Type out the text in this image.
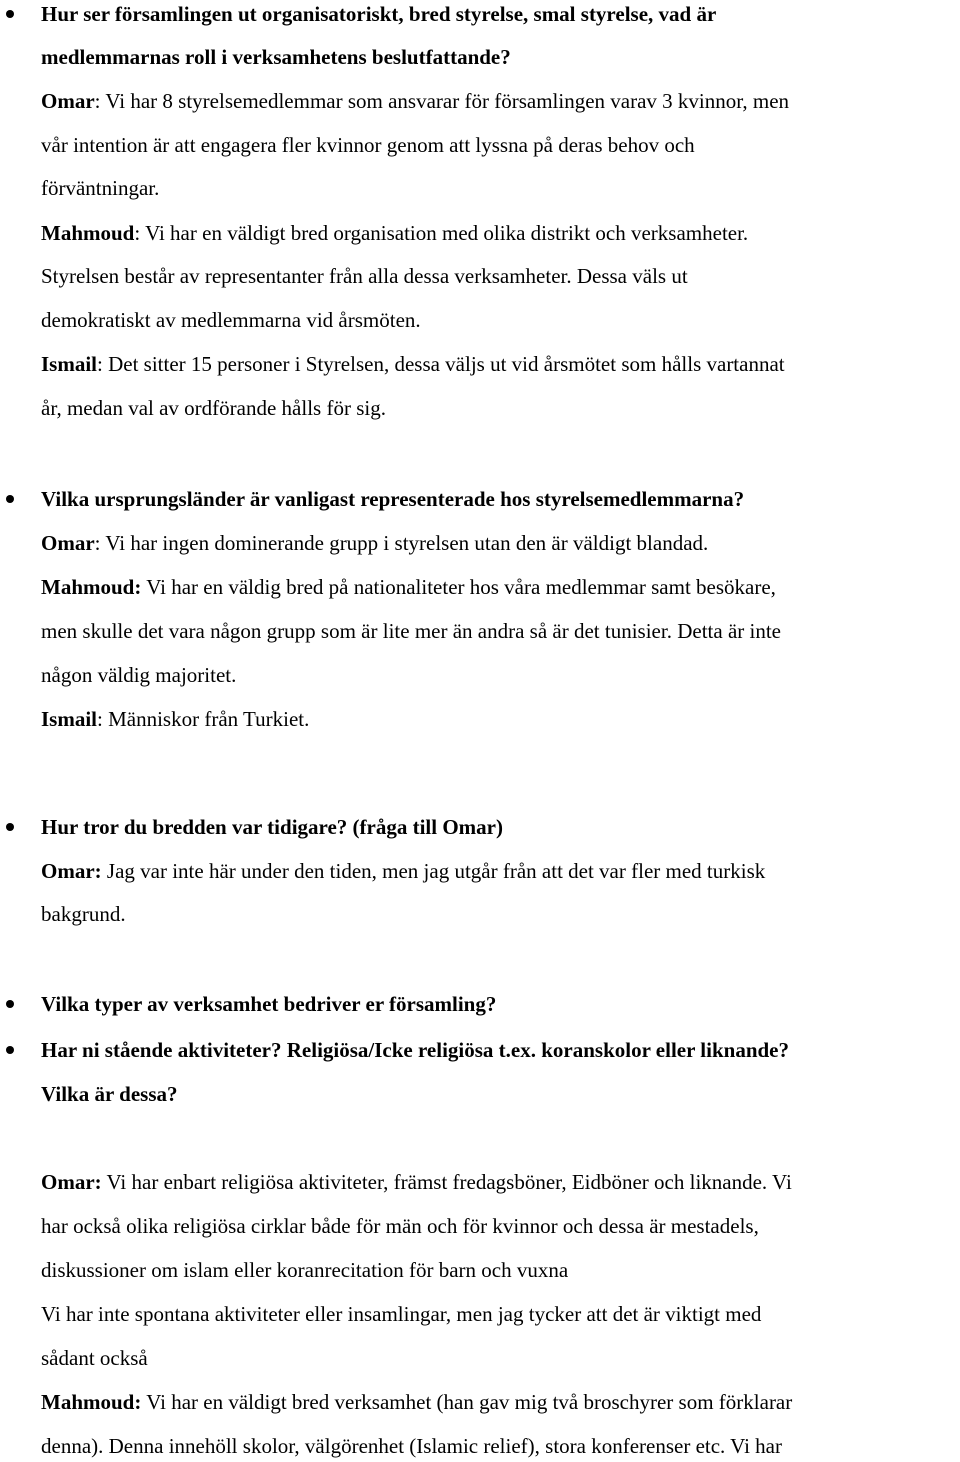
Hur ser församlingen ut organisatoriskt, bred styrelse, smal styrelse, vad är
medlemmarnas roll i verksamhetens beslutfattande?
Omar: Vi har 8 styrelsemedlemmar som ansvarar för församlingen varav 3 kvinnor, men
vår intention är att engagera fler kvinnor genom att lyssna på deras behov och
förväntningar.
Mahmoud: Vi har en väldigt bred organisation med olika distrikt och verksamheter.
Styrelsen består av representanter från alla dessa verksamheter. Dessa väls ut
demokratiskt av medlemmarna vid årsmöten.
Ismail: Det sitter 15 personer i Styrelsen, dessa väljs ut vid årsmötet som hålls vartannat
år, medan val av ordförande hålls för sig.
Vilka ursprungsländer är vanligast representerade hos styrelsemedlemmarna?
Omar: Vi har ingen dominerande grupp i styrelsen utan den är väldigt blandad.
Mahmoud: Vi har en väldig bred på nationaliteter hos våra medlemmar samt besökare,
men skulle det vara någon grupp som är lite mer än andra så är det tunisier. Detta är inte
någon väldig majoritet.
Ismail: Människor från Turkiet.
Hur tror du bredden var tidigare? (fråga till Omar)
Omar: Jag var inte här under den tiden, men jag utgår från att det var fler med turkisk
bakgrund.
Vilka typer av verksamhet bedriver er församling?
Har ni stående aktiviteter? Religiösa/Icke religiösa t.ex. koranskolor eller liknande?
Vilka är dessa?
Omar: Vi har enbart religiösa aktiviteter, främst fredagsböner, Eidböner och liknande. Vi
har också olika religiösa cirklar både för män och för kvinnor och dessa är mestadels,
diskussioner om islam eller koranrecitation för barn och vuxna
Vi har inte spontana aktiviteter eller insamlingar, men jag tycker att det är viktigt med
sådant också
Mahmoud: Vi har en väldigt bred verksamhet (han gav mig två broschyrer som förklarar
denna). Denna innehöll skolor, välgörenhet (Islamic relief), stora konferenser etc. Vi har
